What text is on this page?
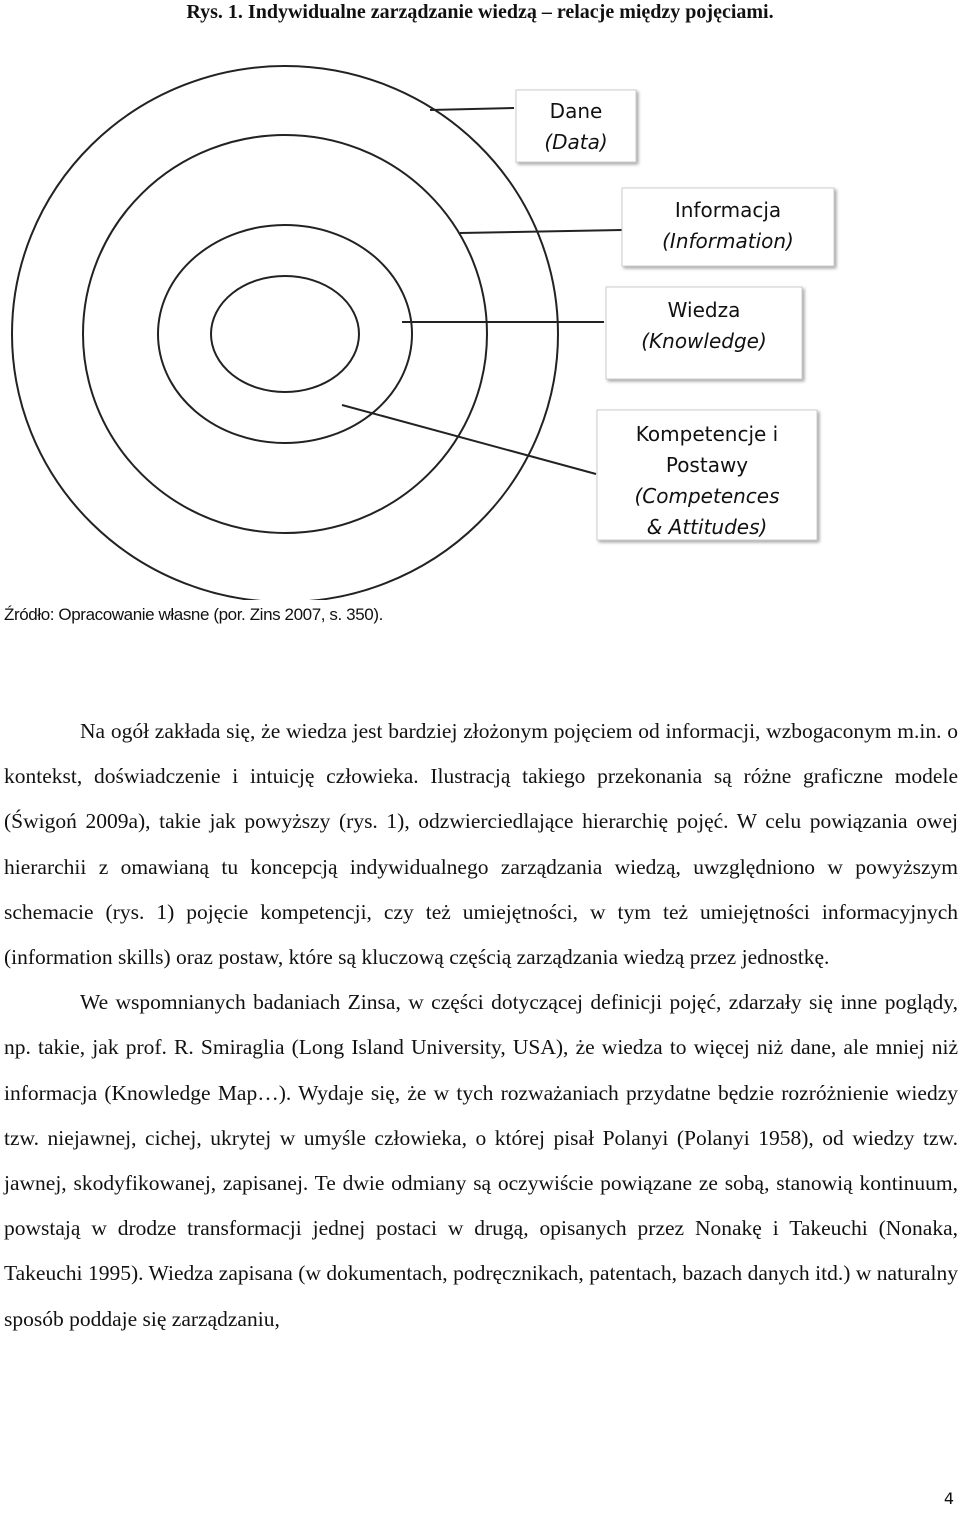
Rys. 1. Indywidualne zarządzanie wiedzą – relacje między pojęciami.
Dane
(Data)
Informacja
(Information)
Wiedza
(Knowledge)
Kompetencje i
Postawy
(Competences
& Attitudes)
Źródło: Opracowanie własne (por. Zins 2007, s. 350).

Na ogół zakłada się, że wiedza jest bardziej złożonym pojęciem od informacji, wzbogaconym m.in. o kontekst, doświadczenie i intuicję człowieka. Ilustracją takiego przekonania są różne graficzne modele (Świgoń 2009a), takie jak powyższy (rys. 1), odzwierciedlające hierarchię pojęć. W celu powiązania owej hierarchii z omawianą tu koncepcją indywidualnego zarządzania wiedzą, uwzględniono w powyższym schemacie (rys. 1) pojęcie kompetencji, czy też umiejętności, w tym też umiejętności informacyjnych (information skills) oraz postaw, które są kluczową częścią zarządzania wiedzą przez jednostkę.

We wspomnianych badaniach Zinsa, w części dotyczącej definicji pojęć, zdarzały się inne poglądy, np. takie, jak prof. R. Smiraglia (Long Island University, USA), że wiedza to więcej niż dane, ale mniej niż informacja (Knowledge Map…). Wydaje się, że w tych rozważaniach przydatne będzie rozróżnienie wiedzy tzw. niejawnej, cichej, ukrytej w umyśle człowieka, o której pisał Polanyi (Polanyi 1958), od wiedzy tzw. jawnej, skodyfikowanej, zapisanej. Te dwie odmiany są oczywiście powiązane ze sobą, stanowią kontinuum, powstają w drodze transformacji jednej postaci w drugą, opisanych przez Nonakę i Takeuchi (Nonaka, Takeuchi 1995). Wiedza zapisana (w dokumentach, podręcznikach, patentach, bazach danych itd.) w naturalny sposób poddaje się zarządzaniu,

4
